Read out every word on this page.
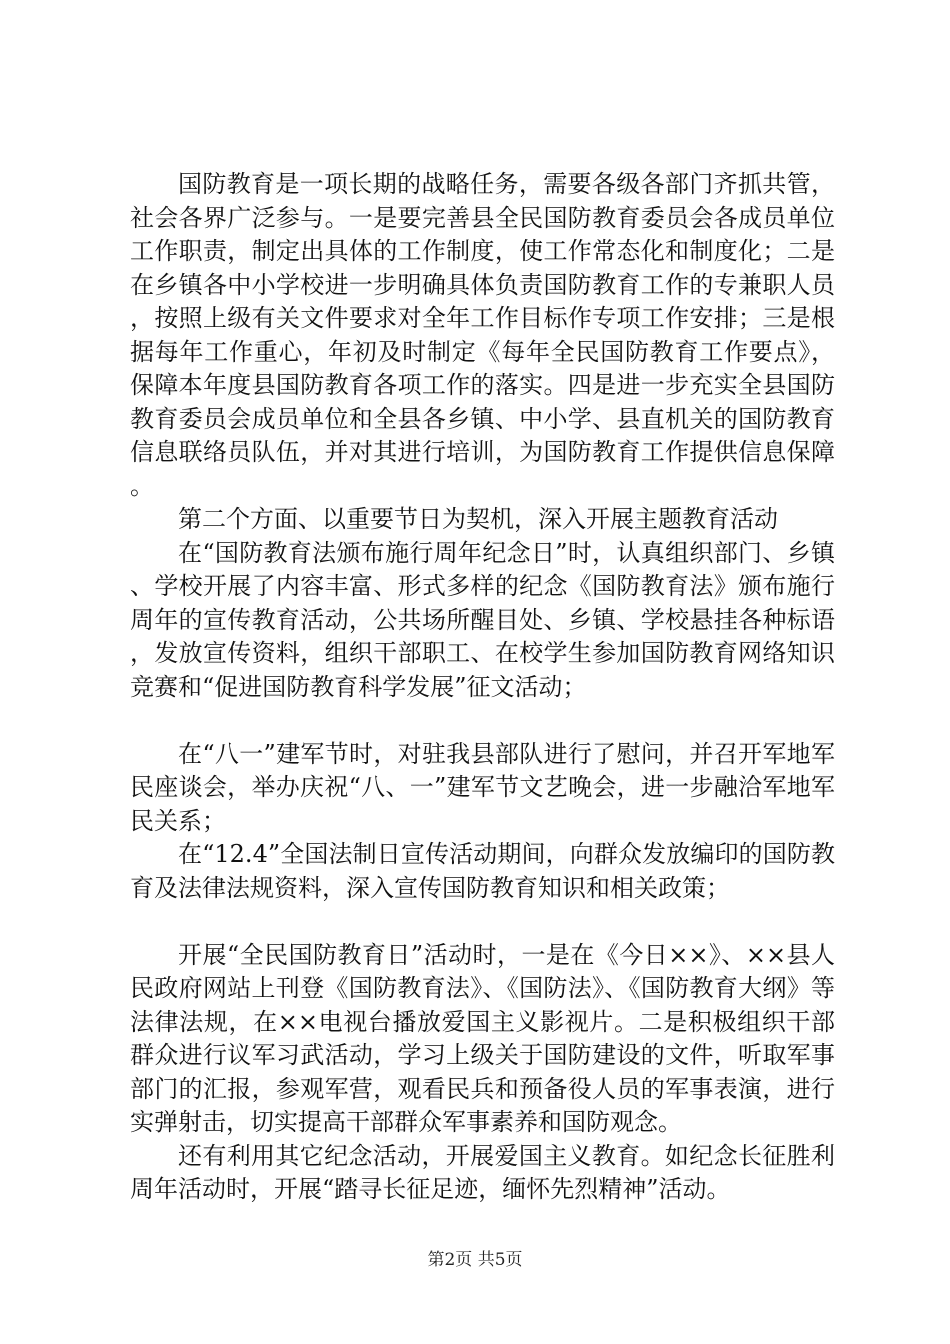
国防教育是一项长期的战略任务，需要各级各部门齐抓共管，社会各界广泛参与。一是要完善县全民国防教育委员会各成员单位工作职责，制定出具体的工作制度，使工作常态化和制度化；二是在乡镇各中小学校进一步明确具体负责国防教育工作的专兼职人员，按照上级有关文件要求对全年工作目标作专项工作安排；三是根据每年工作重心，年初及时制定《每年全民国防教育工作要点》，保障本年度县国防教育各项工作的落实。四是进一步充实全县国防教育委员会成员单位和全县各乡镇、中小学、县直机关的国防教育信息联络员队伍，并对其进行培训，为国防教育工作提供信息保障。

第二个方面、以重要节日为契机，深入开展主题教育活动

在“国防教育法颁布施行周年纪念日”时，认真组织部门、乡镇、学校开展了内容丰富、形式多样的纪念《国防教育法》颁布施行周年的宣传教育活动，公共场所醒目处、乡镇、学校悬挂各种标语，发放宣传资料，组织干部职工、在校学生参加国防教育网络知识竞赛和“促进国防教育科学发展”征文活动；

在“八一”建军节时，对驻我县部队进行了慰问，并召开军地军民座谈会，举办庆祝“八、一”建军节文艺晚会，进一步融洽军地军民关系；

在“12.4”全国法制日宣传活动期间，向群众发放编印的国防教育及法律法规资料，深入宣传国防教育知识和相关政策；

开展“全民国防教育日”活动时，一是在《今日××》、××县人民政府网站上刊登《国防教育法》、《国防法》、《国防教育大纲》等法律法规，在××电视台播放爱国主义影视片。二是积极组织干部群众进行议军习武活动，学习上级关于国防建设的文件，听取军事部门的汇报，参观军营，观看民兵和预备役人员的军事表演，进行实弹射击，切实提高干部群众军事素养和国防观念。

还有利用其它纪念活动，开展爱国主义教育。如纪念长征胜利周年活动时，开展“踏寻长征足迹，缅怀先烈精神”活动。

第2页 共5页
